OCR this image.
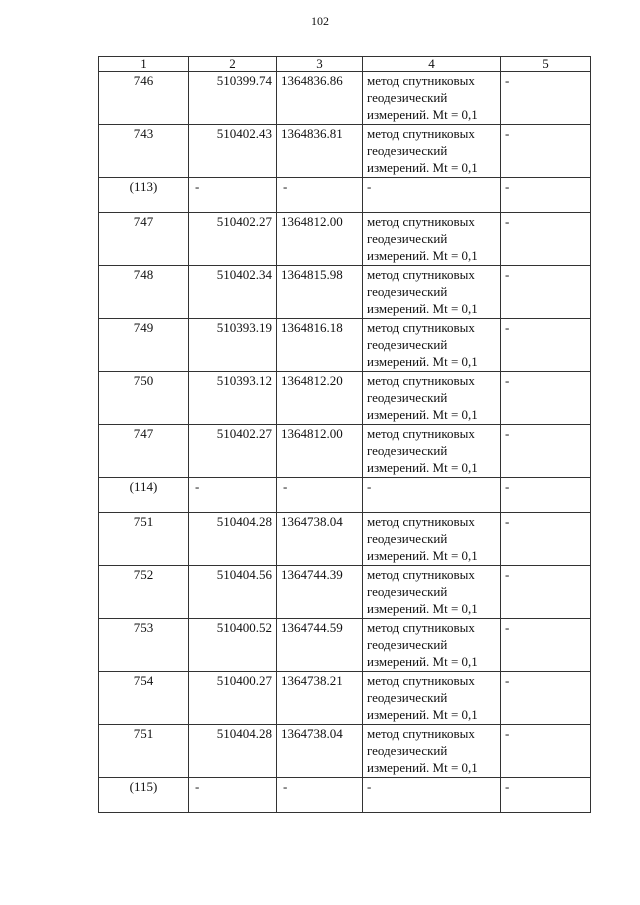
102
1	2	3	4	5
746	510399.74	1364836.86	метод спутниковых
геодезический
измерений. Mt = 0,1	-
743	510402.43	1364836.81	метод спутниковых
геодезический
измерений. Mt = 0,1	-
(113)	-	-	-	-
747	510402.27	1364812.00	метод спутниковых
геодезический
измерений. Mt = 0,1	-
748	510402.34	1364815.98	метод спутниковых
геодезический
измерений. Mt = 0,1	-
749	510393.19	1364816.18	метод спутниковых
геодезический
измерений. Mt = 0,1	-
750	510393.12	1364812.20	метод спутниковых
геодезический
измерений. Mt = 0,1	-
747	510402.27	1364812.00	метод спутниковых
геодезический
измерений. Mt = 0,1	-
(114)	-	-	-	-
751	510404.28	1364738.04	метод спутниковых
геодезический
измерений. Mt = 0,1	-
752	510404.56	1364744.39	метод спутниковых
геодезический
измерений. Mt = 0,1	-
753	510400.52	1364744.59	метод спутниковых
геодезический
измерений. Mt = 0,1	-
754	510400.27	1364738.21	метод спутниковых
геодезический
измерений. Mt = 0,1	-
751	510404.28	1364738.04	метод спутниковых
геодезический
измерений. Mt = 0,1	-
(115)	-	-	-	-
